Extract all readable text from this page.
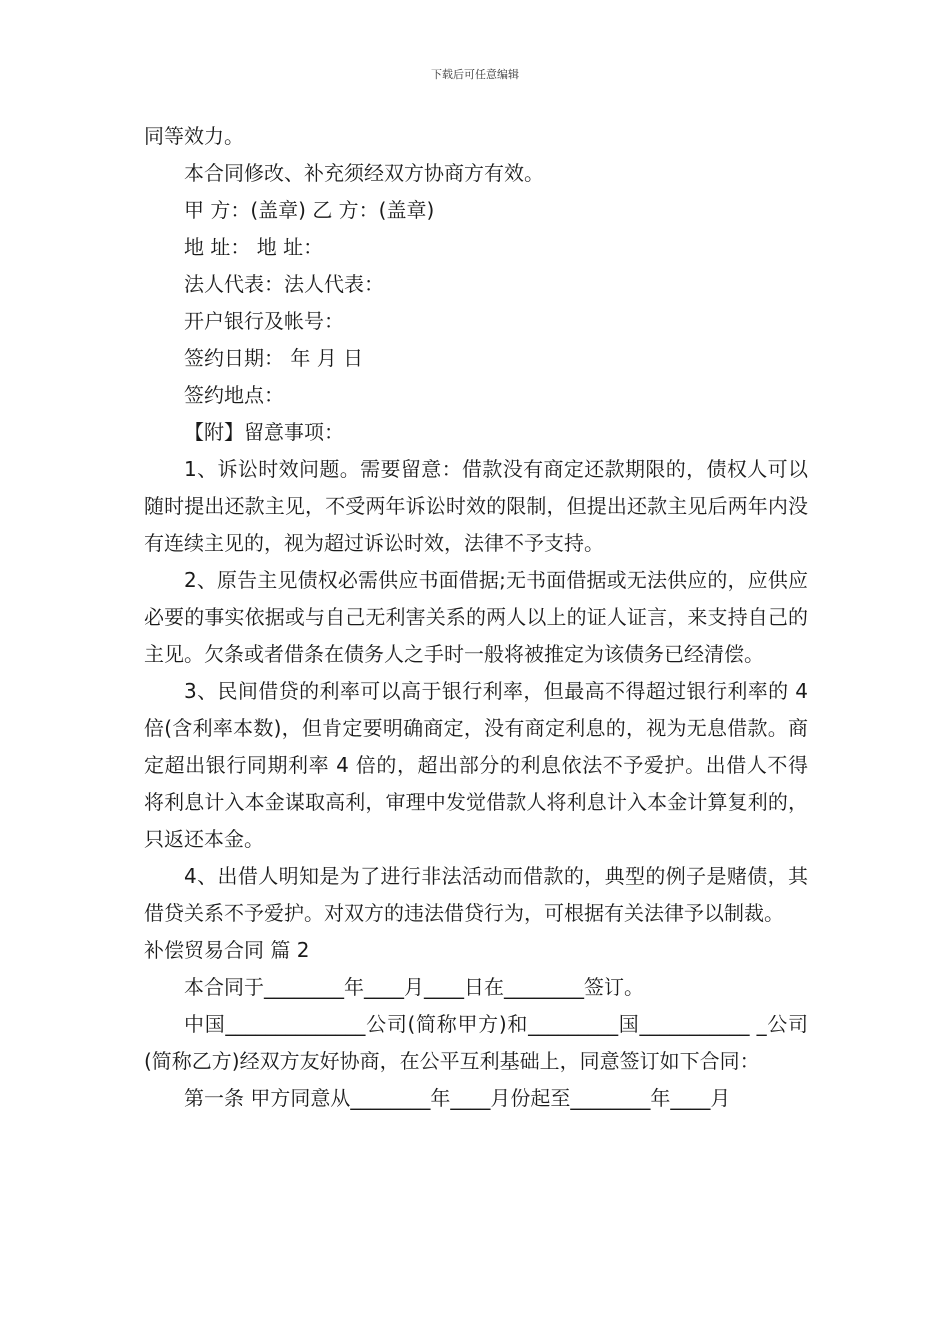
下载后可任意编辑

同等效力。

本合同修改、补充须经双方协商方有效。

甲 方：(盖章) 乙 方：(盖章)

地 址： 地 址：

法人代表：法人代表：

开户银行及帐号：

签约日期： 年 月 日

签约地点：

【附】留意事项：

1、诉讼时效问题。需要留意：借款没有商定还款期限的，债权人可以随时提出还款主见，不受两年诉讼时效的限制，但提出还款主见后两年内没有连续主见的，视为超过诉讼时效，法律不予支持。

2、原告主见债权必需供应书面借据;无书面借据或无法供应的，应供应必要的事实依据或与自己无利害关系的两人以上的证人证言，来支持自己的主见。欠条或者借条在债务人之手时一般将被推定为该债务已经清偿。

3、民间借贷的利率可以高于银行利率，但最高不得超过银行利率的 4 倍(含利率本数)，但肯定要明确商定，没有商定利息的，视为无息借款。商定超出银行同期利率 4 倍的，超出部分的利息依法不予爱护。出借人不得将利息计入本金谋取高利，审理中发觉借款人将利息计入本金计算复利的，只返还本金。

4、出借人明知是为了进行非法活动而借款的，典型的例子是赌债，其借贷关系不予爱护。对双方的违法借贷行为，可根据有关法律予以制裁。

补偿贸易合同 篇 2

本合同于________年____月____日在________签订。

中国______________公司(简称甲方)和_________国___________ _公司(简称乙方)经双方友好协商，在公平互利基础上，同意签订如下合同：

第一条 甲方同意从________年____月份起至________年____月
